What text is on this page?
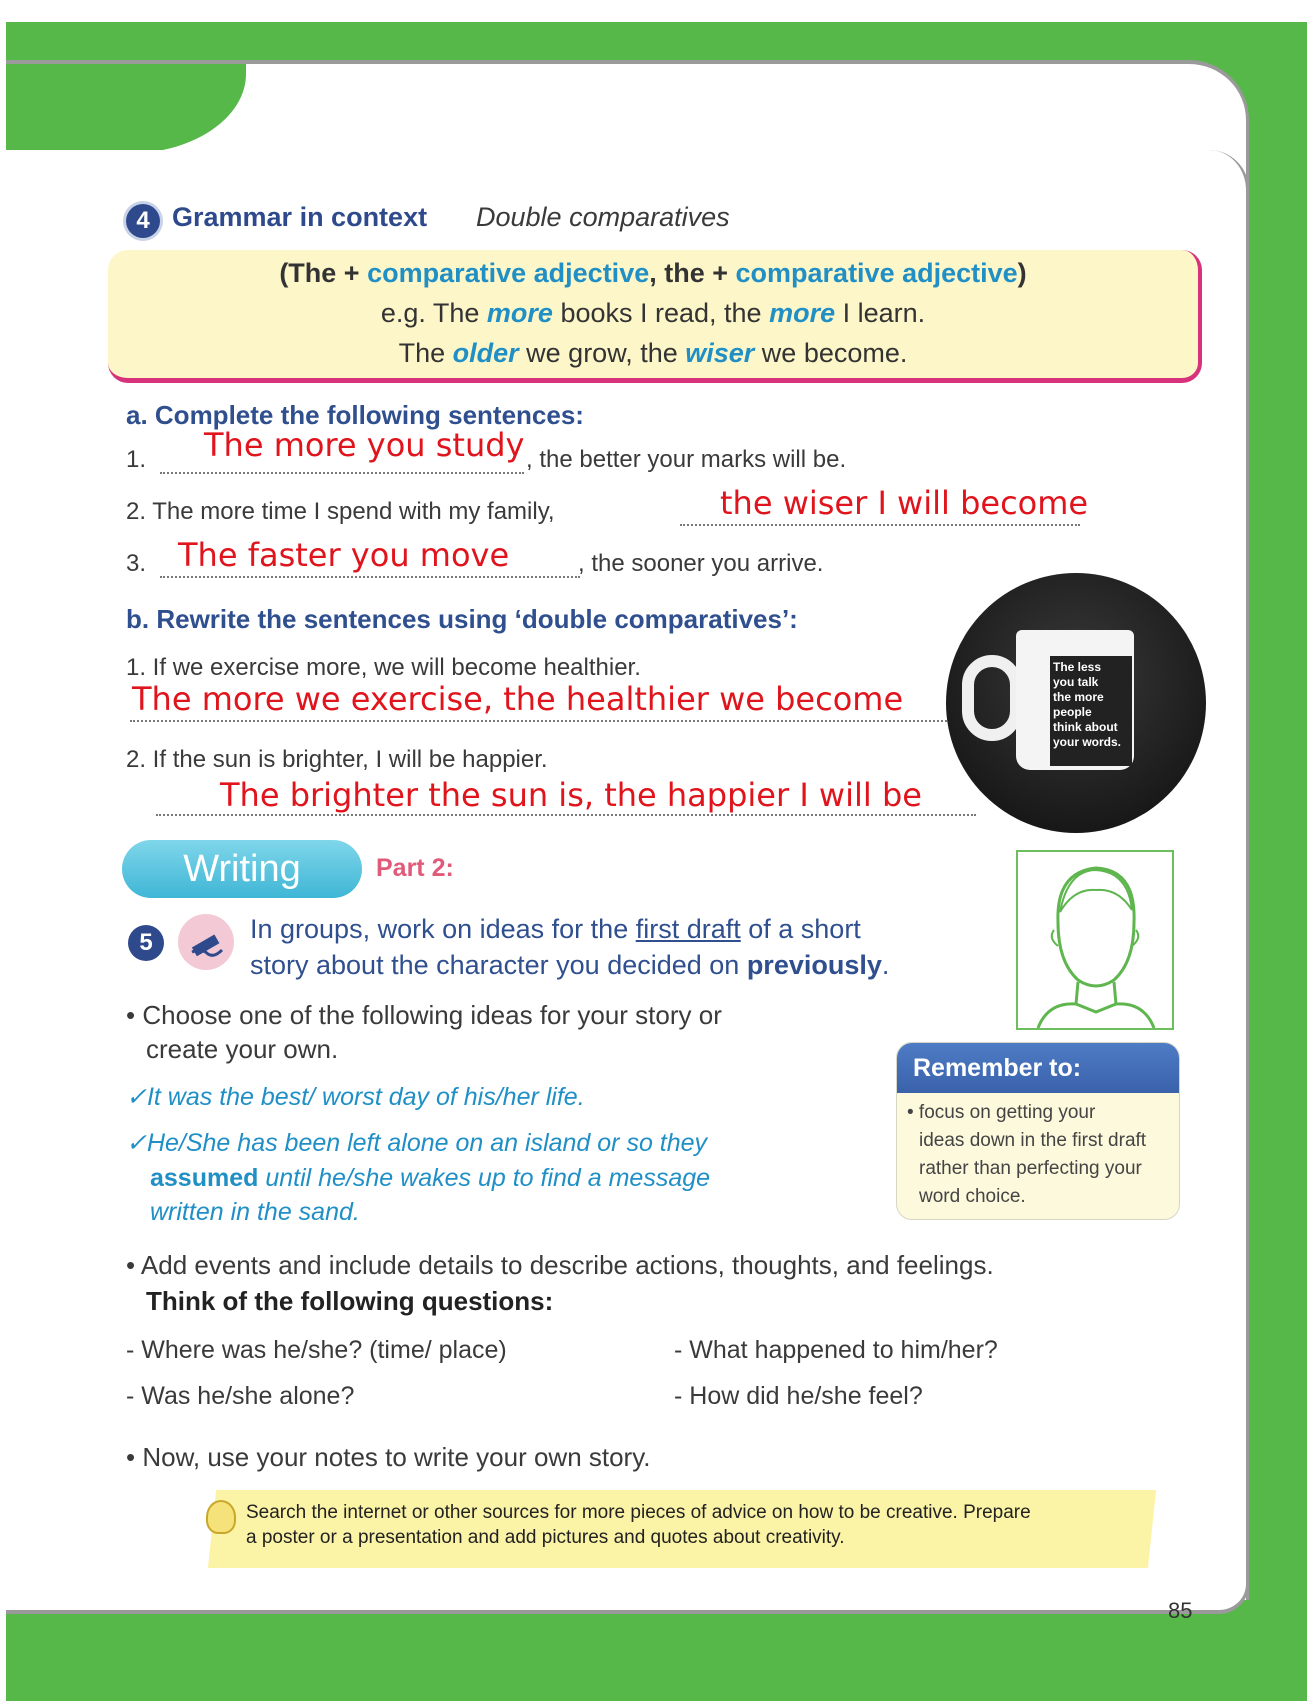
4 Grammar in context Double comparatives
(The + comparative adjective, the + comparative adjective)
e.g. The more books I read, the more I learn.
The older we grow, the wiser we become.
a. Complete the following sentences:
1. The more you study , the better your marks will be.
2. The more time I spend with my family,	the wiser I will become
3. The faster you move	, the sooner you arrive.
b. Rewrite the sentences using ‘double comparatives’:
1. If we exercise more, we will become healthier.
The more we exercise, the healthier we become
2. If the sun is brighter, I will be happier.
The brighter the sun is, the happier I will be
The less
you talk
the more
people
think about
your words.
Writing	Part 2:
5	In groups, work on ideas for the first draft of a short
story about the character you decided on previously.
• Choose one of the following ideas for your story or
create your own.
✓It was the best/ worst day of his/her life.
✓He/She has been left alone on an island or so they
assumed until he/she wakes up to find a message
written in the sand.
Remember to:
• focus on getting your
ideas down in the first draft
rather than perfecting your
word choice.
• Add events and include details to describe actions, thoughts, and feelings.
Think of the following questions:
- Where was he/she? (time/ place)	- What happened to him/her?
- Was he/she alone?	- How did he/she feel?
• Now, use your notes to write your own story.
Search the internet or other sources for more pieces of advice on how to be creative. Prepare
a poster or a presentation and add pictures and quotes about creativity.
85
